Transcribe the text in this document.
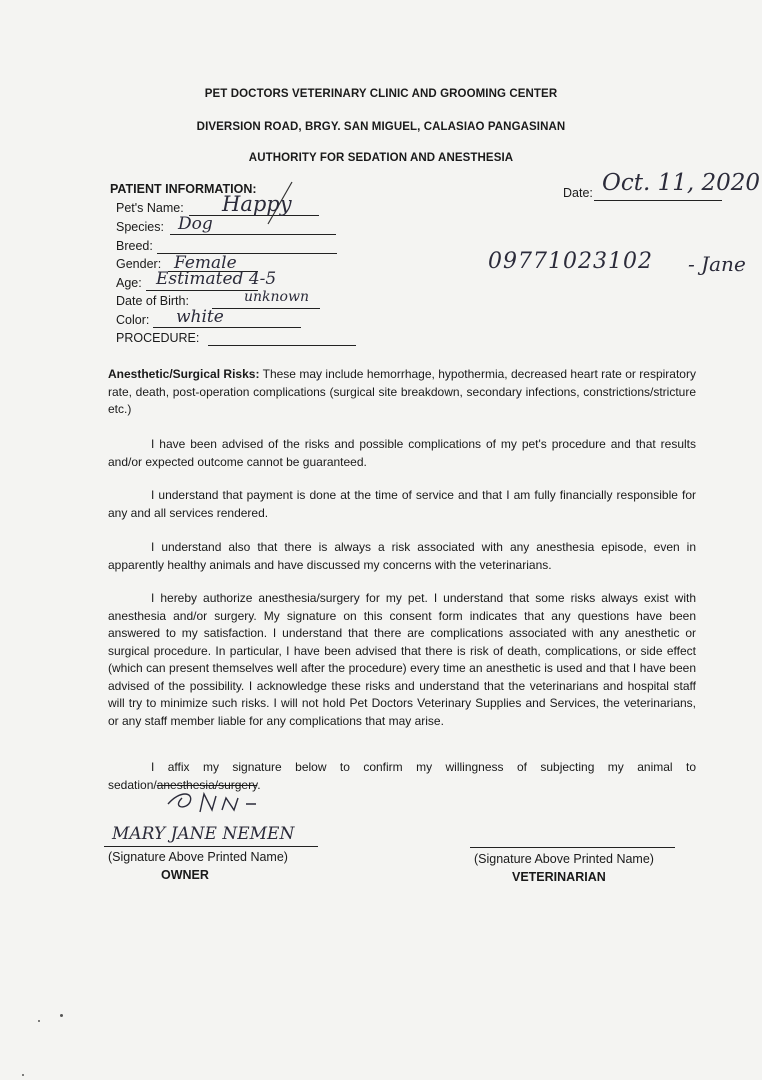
PET DOCTORS VETERINARY CLINIC AND GROOMING CENTER
DIVERSION ROAD, BRGY. SAN MIGUEL, CALASIAO PANGASINAN
AUTHORITY FOR SEDATION AND ANESTHESIA
PATIENT INFORMATION:
Pet's Name: Happy
Species: Dog
Breed:
Gender: Female
Age: Estimated 4-5
Date of Birth:	unknown
Color: white
PROCEDURE:
Date: Oct. 11, 2020
09771023102 - Jane

Anesthetic/Surgical Risks: These may include hemorrhage, hypothermia, decreased heart rate or respiratory rate, death, post-operation complications (surgical site breakdown, secondary infections, constrictions/stricture etc.)

I have been advised of the risks and possible complications of my pet's procedure and that results and/or expected outcome cannot be guaranteed.

I understand that payment is done at the time of service and that I am fully financially responsible for any and all services rendered.

I understand also that there is always a risk associated with any anesthesia episode, even in apparently healthy animals and have discussed my concerns with the veterinarians.

I hereby authorize anesthesia/surgery for my pet. I understand that some risks always exist with anesthesia and/or surgery. My signature on this consent form indicates that any questions have been answered to my satisfaction. I understand that there are complications associated with any anesthetic or surgical procedure. In particular, I have been advised that there is risk of death, complications, or side effect (which can present themselves well after the procedure) every time an anesthetic is used and that I have been advised of the possibility. I acknowledge these risks and understand that the veterinarians and hospital staff will try to minimize such risks. I will not hold Pet Doctors Veterinary Supplies and Services, the veterinarians, or any staff member liable for any complications that may arise.

I affix my signature below to confirm my willingness of subjecting my animal to sedation/anesthesia/surgery.

MARY JANE NEMEN
(Signature Above Printed Name)
OWNER
(Signature Above Printed Name)
VETERINARIAN
